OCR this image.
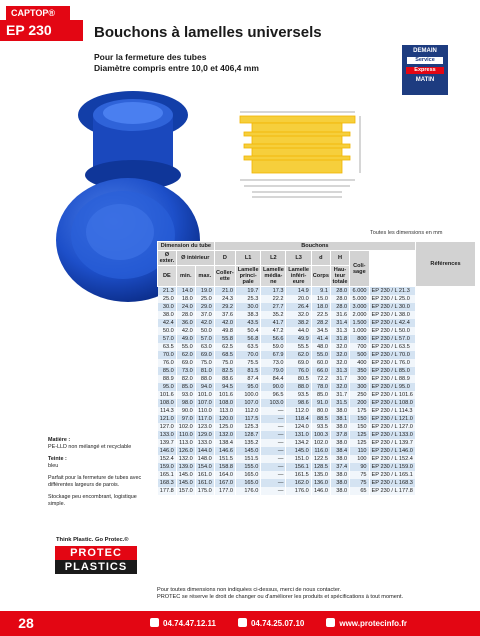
CAPTOP®
EP 230	Bouchons à lamelles universels
Pour la fermeture des tubes
Diamètre compris entre 10,0 et 406,4 mm
DEMAIN
Service
Express
MATIN
Toutes les dimensions en mm
Dimension du tube			Bouchons								Références
Ø exter.	Ø intérieur		D	L1	L2	L3	d	H	Coli-sage		
DE	min.	max.	Coller-ette	Lamelle princi-pale	Lamelle média-ne	Lamelle inféri-eure	Corps	Hau-teur totale			
21.3	14.0	19.0	21.0	19.7	17.3	14.9	9.1	28.0	6.000	EP 230 / L 21.3	
25.0	18.0	25.0	24.3	25.3	22.2	20.0	15.0	28.0	5.000	EP 230 / L 25.0	
30.0	24.0	29.0	29.2	30.0	27.7	26.4	18.0	28.0	3.000	EP 230 / L 30.0	
38.0	28.0	37.0	37.6	38.3	35.2	32.0	22.5	31.6	2.000	EP 230 / L 38.0	
42.4	36.0	42.0	42.0	43.5	41.7	38.2	28.2	31.4	1.500	EP 230 / L 42.4	
50.0	42.0	50.0	49.8	50.4	47.2	44.0	34.5	31.3	1.000	EP 230 / L 50.0	
57.0	49.0	57.0	55.8	56.8	56.6	49.9	41.4	31.8	800	EP 230 / L 57.0	
63.5	55.0	63.0	62.5	63.5	59.0	55.5	48.0	32.0	700	EP 230 / L 63.5	
70.0	62.0	69.0	68.5	70.0	67.9	62.0	55.0	32.0	500	EP 230 / L 70.0	
76.0	69.0	75.0	75.0	75.5	73.0	69.0	60.0	32.0	400	EP 230 / L 76.0	
85.0	73.0	81.0	82.5	81.5	79.0	76.0	66.0	31.3	350	EP 230 / L 85.0	
88.9	82.0	88.0	88.6	87.4	84.4	80.5	72.2	31.7	300	EP 230 / L 88.9	
95.0	85.0	94.0	94.5	95.0	90.0	88.0	78.0	32.0	300	EP 230 / L 95.0	
101.6	93.0	101.0	101.6	100.0	96.5	93.5	85.0	31.7	250	EP 230 / L 101.6	
108.0	98.0	107.0	108.0	107.0	103.0	98.6	91.0	31.5	200	EP 230 / L 108.0	
114.3	90.0	110.0	113.0	112.0	—	112.0	80.0	38.0	175	EP 230 / L 114.3	
121.0	97.0	117.0	120.0	117.5	—	118.4	88.5	38.1	150	EP 230 / L 121.0	
127.0	102.0	123.0	125.0	125.3	—	124.0	93.5	38.0	150	EP 230 / L 127.0	
133.0	110.0	129.0	132.0	128.7	—	131.0	100.3	37.8	125	EP 230 / L 133.0	
139.7	113.0	133.0	138.4	135.2	—	134.2	102.0	38.0	125	EP 230 / L 139.7	
146.0	126.0	144.0	146.6	145.0	—	145.0	116.0	38.4	110	EP 230 / L 146.0	
152.4	132.0	148.0	151.5	151.5	—	151.0	122.5	38.0	100	EP 230 / L 152.4	
159.0	139.0	154.0	158.8	155.0	—	156.1	128.5	37.4	90	EP 230 / L 159.0	
165.1	145.0	161.0	164.0	165.0	—	161.5	135.0	38.0	75	EP 230 / L 165.1	
168.3	145.0	161.0	167.0	165.0	—	162.0	136.0	38.0	75	EP 230 / L 168.3	
177.8	157.0	175.0	177.0	176.0	—	176.0	146.0	38.0	65	EP 230 / L 177.8	

Matière :
PE-LLD non mélangé et recyclable

Teinte :
bleu

Parfait pour la fermeture de tubes avec différentes largeurs de parois.

Stockage peu encombrant, logistique simple.

Think Plastic. Go Protec.®
PROTEC
PLASTICS
Pour toutes dimensions non indiquées ci-dessus, merci de nous contacter.
PROTEC se réserve le droit de changer ou d'améliorer les produits et spécifications à tout moment.
28	04.74.47.12.11	04.74.25.07.10	www.protecinfo.fr
